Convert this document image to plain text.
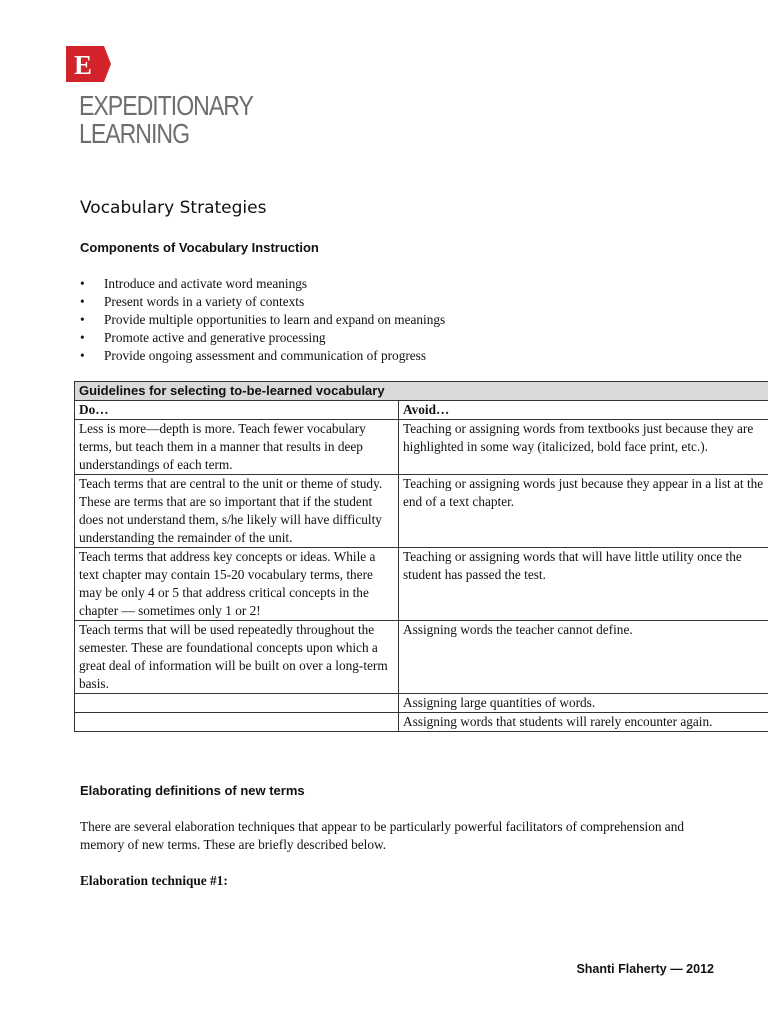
E
EXPEDITIONARY
LEARNING
Vocabulary Strategies
Components of Vocabulary Instruction
• Introduce and activate word meanings
• Present words in a variety of contexts
• Provide multiple opportunities to learn and expand on meanings
• Promote active and generative processing
• Provide ongoing assessment and communication of progress
Guidelines for selecting to-be-learned vocabulary	
Do…	Avoid…
Less is more—depth is more. Teach fewer vocabulary terms, but teach them in a manner that results in deep understandings of each term.	Teaching or assigning words from textbooks just because they are highlighted in some way (italicized, bold face print, etc.).
Teach terms that are central to the unit or theme of study. These are terms that are so important that if the student does not understand them, s/he likely will have difficulty understanding the remainder of the unit.	Teaching or assigning words just because they appear in a list at the end of a text chapter.
Teach terms that address key concepts or ideas. While a text chapter may contain 15-20 vocabulary terms, there may be only 4 or 5 that address critical concepts in the chapter — sometimes only 1 or 2!	Teaching or assigning words that will have little utility once the student has passed the test.
Teach terms that will be used repeatedly throughout the semester. These are foundational concepts upon which a great deal of information will be built on over a long-term basis.	Assigning words the teacher cannot define.
	Assigning large quantities of words.
	Assigning words that students will rarely encounter again.
Elaborating definitions of new terms

There are several elaboration techniques that appear to be particularly powerful facilitators of comprehension and memory of new terms. These are briefly described below.

Elaboration technique #1:
Shanti Flaherty — 2012
